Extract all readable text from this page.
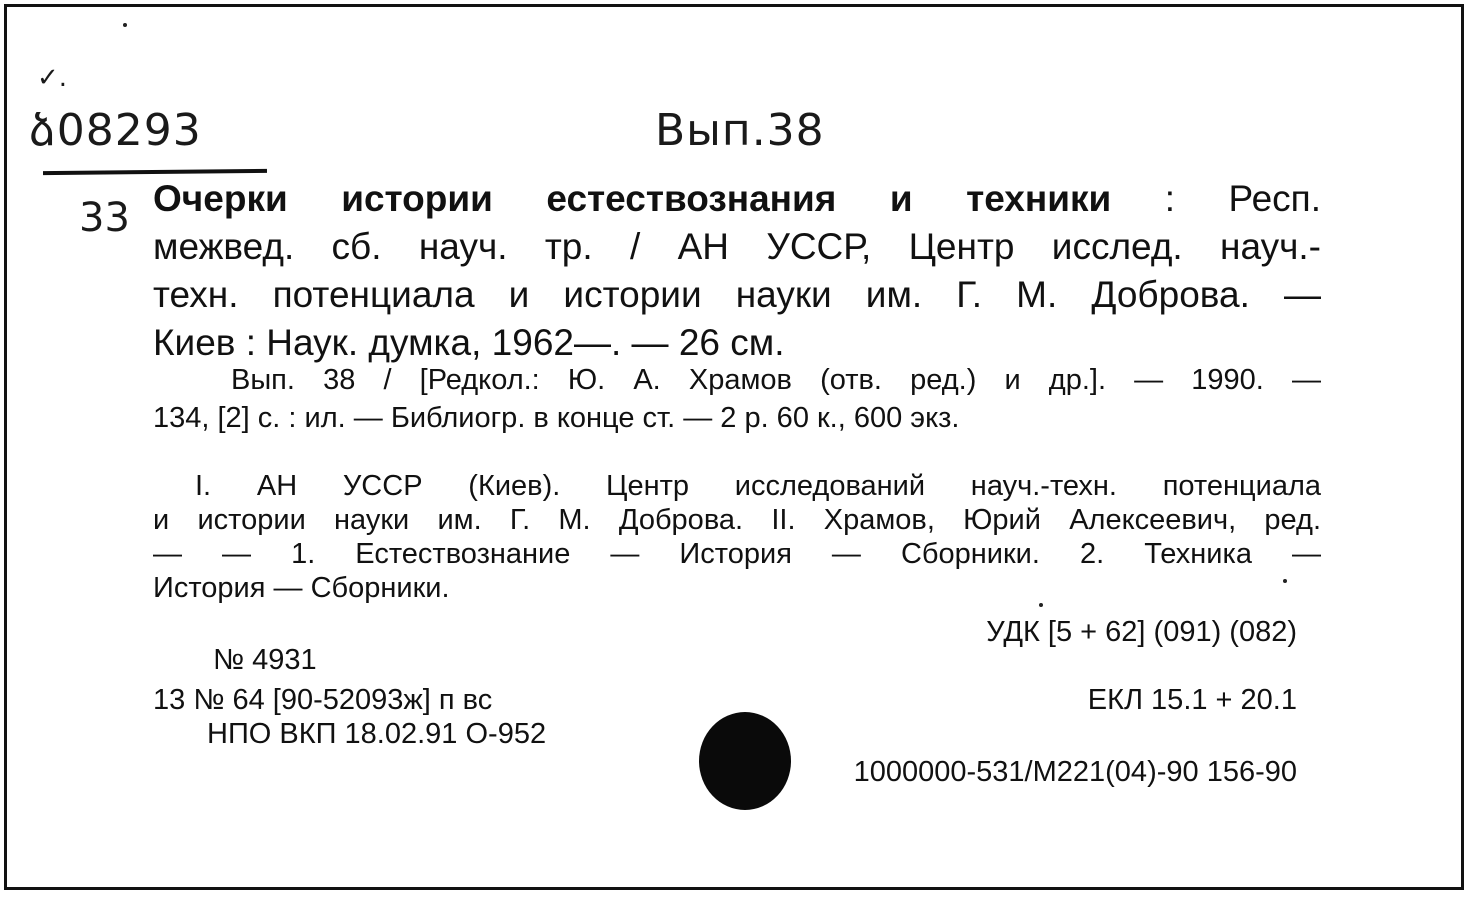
✓.
ձ08293	Вып.38
33 Очерки истории естествознания и техники : Респ.
межвед. сб. науч. тр. / АН УССР, Центр исслед. науч.-
техн. потенциала и истории науки им. Г. М. Доброва. —
Киев : Наук. думка, 1962—. — 26 см.
Вып. 38 / [Редкол.: Ю. А. Храмов (отв. ред.) и др.]. — 1990. —
134, [2] с. : ил. — Библиогр. в конце ст. — 2 р. 60 к., 600 экз.
I. АН УССР (Киев). Центр исследований науч.-техн. потенциала
и истории науки им. Г. М. Доброва. II. Храмов, Юрий Алексеевич, ред.
— — 1. Естествознание — История — Сборники. 2. Техника —
История — Сборники.
УДК [5 + 62] (091) (082)
ЕКЛ 15.1 + 20.1
1000000-531/М221(04)-90 156-90
№ 4931
13 № 64 [90-52093ж] п вс
НПО ВКП 18.02.91 О-952
